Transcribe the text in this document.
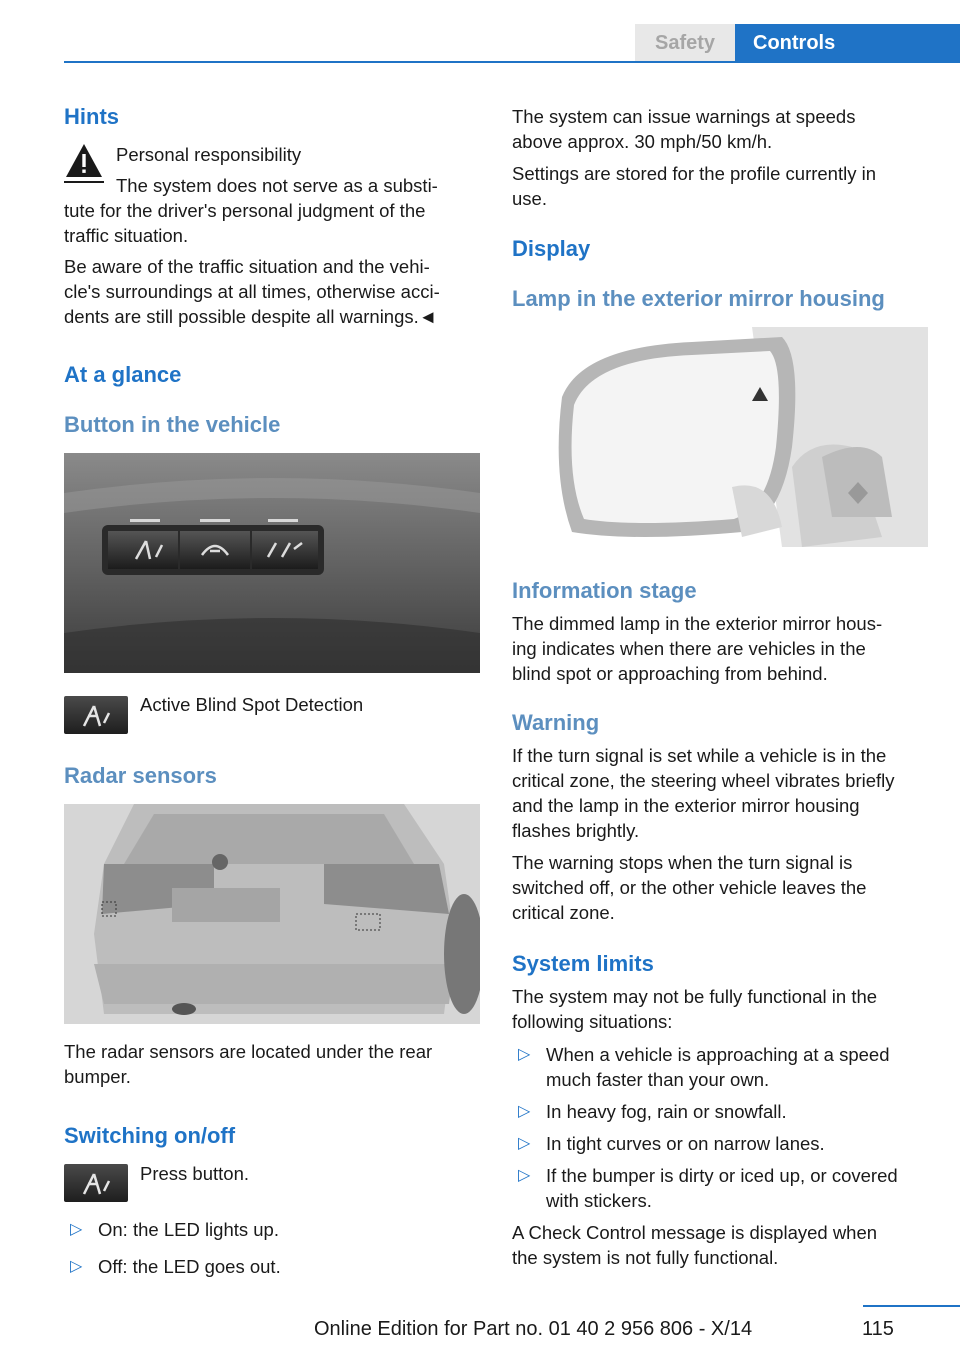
Safety	Controls
Hints
Personal responsibility
The system does not serve as a substi-
tute for the driver's personal judgment of the
traffic situation.
Be aware of the traffic situation and the vehi-
cle's surroundings at all times, otherwise acci-
dents are still possible despite all warnings.◄
At a glance
Button in the vehicle
Active Blind Spot Detection
Radar sensors
The radar sensors are located under the rear
bumper.
Switching on/off
Press button.
▷ On: the LED lights up.
▷ Off: the LED goes out.
The system can issue warnings at speeds
above approx. 30 mph/50 km/h.
Settings are stored for the profile currently in
use.
Display
Lamp in the exterior mirror housing
Information stage
The dimmed lamp in the exterior mirror hous-
ing indicates when there are vehicles in the
blind spot or approaching from behind.
Warning
If the turn signal is set while a vehicle is in the
critical zone, the steering wheel vibrates briefly
and the lamp in the exterior mirror housing
flashes brightly.
The warning stops when the turn signal is
switched off, or the other vehicle leaves the
critical zone.
System limits
The system may not be fully functional in the
following situations:
▷ When a vehicle is approaching at a speed
much faster than your own.
▷ In heavy fog, rain or snowfall.
▷ In tight curves or on narrow lanes.
▷ If the bumper is dirty or iced up, or covered
with stickers.
A Check Control message is displayed when
the system is not fully functional.
115
Online Edition for Part no. 01 40 2 956 806 - X/14
